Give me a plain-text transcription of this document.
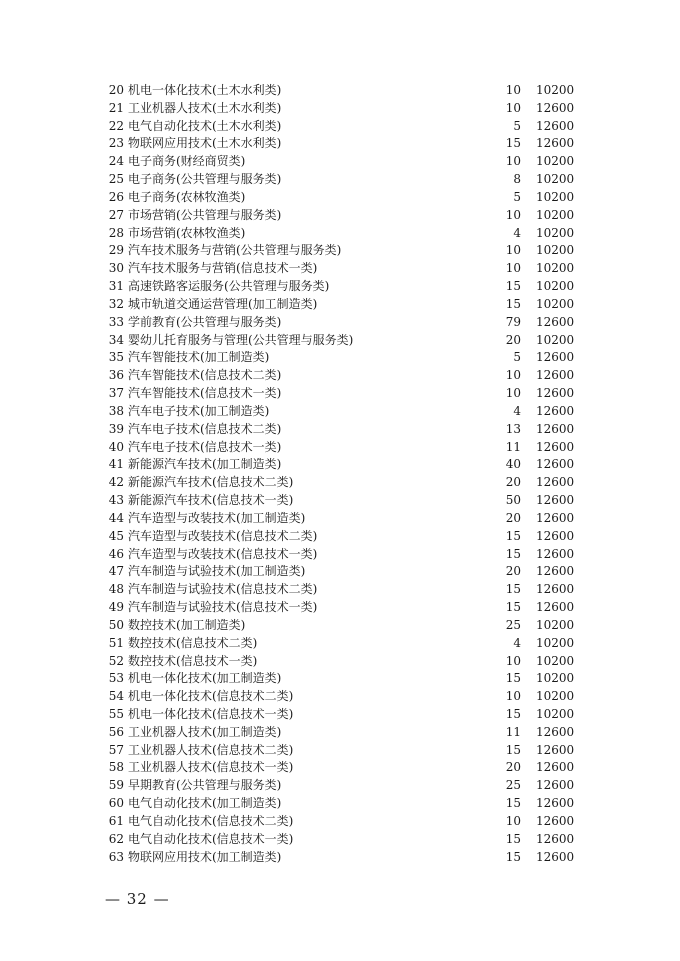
20 机电一体化技术(土木水利类)	10 10200
21 工业机器人技术(土木水利类)	10 12600
22 电气自动化技术(土木水利类)	5 12600
23 物联网应用技术(土木水利类)	15 12600
24 电子商务(财经商贸类)	10 10200
25 电子商务(公共管理与服务类)	8 10200
26 电子商务(农林牧渔类)	5 10200
27 市场营销(公共管理与服务类)	10 10200
28 市场营销(农林牧渔类)	4 10200
29 汽车技术服务与营销(公共管理与服务类)	10 10200
30 汽车技术服务与营销(信息技术一类)	10 10200
31 高速铁路客运服务(公共管理与服务类)	15 10200
32 城市轨道交通运营管理(加工制造类)	15 10200
33 学前教育(公共管理与服务类)	79 12600
34 婴幼儿托育服务与管理(公共管理与服务类)	20 10200
35 汽车智能技术(加工制造类)	5 12600
36 汽车智能技术(信息技术二类)	10 12600
37 汽车智能技术(信息技术一类)	10 12600
38 汽车电子技术(加工制造类)	4 12600
39 汽车电子技术(信息技术二类)	13 12600
40 汽车电子技术(信息技术一类)	11 12600
41 新能源汽车技术(加工制造类)	40 12600
42 新能源汽车技术(信息技术二类)	20 12600
43 新能源汽车技术(信息技术一类)	50 12600
44 汽车造型与改装技术(加工制造类)	20 12600
45 汽车造型与改装技术(信息技术二类)	15 12600
46 汽车造型与改装技术(信息技术一类)	15 12600
47 汽车制造与试验技术(加工制造类)	20 12600
48 汽车制造与试验技术(信息技术二类)	15 12600
49 汽车制造与试验技术(信息技术一类)	15 12600
50 数控技术(加工制造类)	25 10200
51 数控技术(信息技术二类)	4 10200
52 数控技术(信息技术一类)	10 10200
53 机电一体化技术(加工制造类)	15 10200
54 机电一体化技术(信息技术二类)	10 10200
55 机电一体化技术(信息技术一类)	15 10200
56 工业机器人技术(加工制造类)	11 12600
57 工业机器人技术(信息技术二类)	15 12600
58 工业机器人技术(信息技术一类)	20 12600
59 早期教育(公共管理与服务类)	25 12600
60 电气自动化技术(加工制造类)	15 12600
61 电气自动化技术(信息技术二类)	10 12600
62 电气自动化技术(信息技术一类)	15 12600
63 物联网应用技术(加工制造类)	15 12600
— 32 —
